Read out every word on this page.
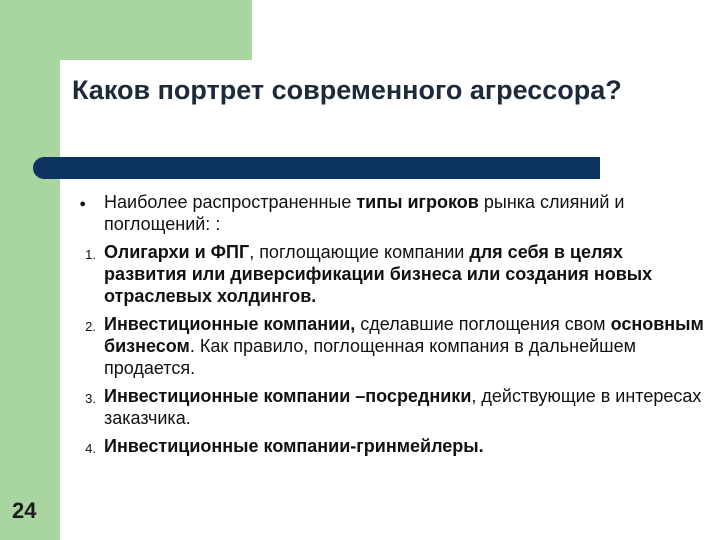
24
Каков портрет современного агрессора?
●	Наиболее распространенные типы игроков рынка слияний и поглощений: :
1. Олигархи и ФПГ, поглощающие компании для себя в целях развития или диверсификации бизнеса или создания новых отраслевых холдингов.
2. Инвестиционные компании, сделавшие поглощения свом основным бизнесом. Как правило, поглощенная компания в дальнейшем продается.
3. Инвестиционные компании –посредники, действующие в интересах заказчика.
4. Инвестиционные компании-гринмейлеры.
